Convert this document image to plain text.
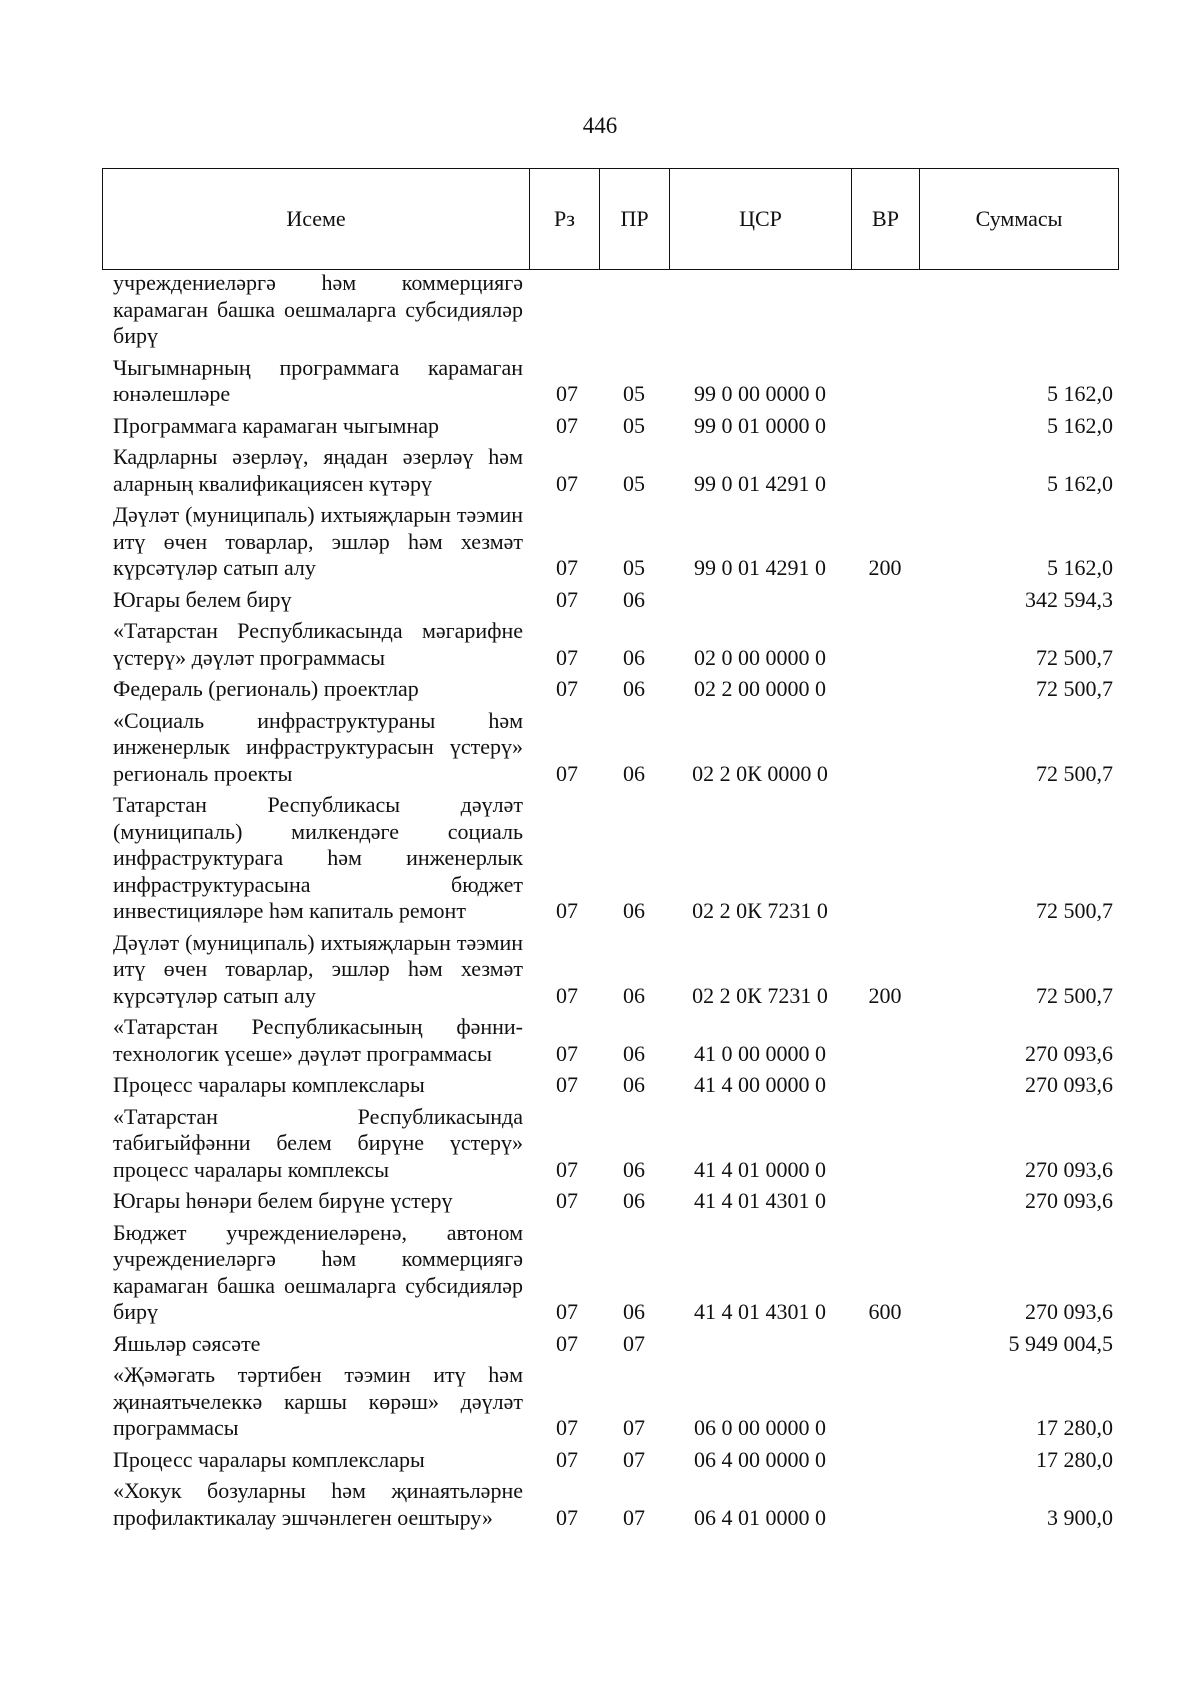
446
Исеме	Рз	ПР	ЦСР	ВР	Суммасы
учреждениелəргə һəм коммерциягə карамаган башка оешмаларга субсидиялəр бирү
Чыгымнарның программага карамаган юнəлешлəре	07	05	99 0 00 0000 0	5 162,0
Программага карамаган чыгымнар	07	05	99 0 01 0000 0	5 162,0
Кадрларны əзерлəү, яңадан əзерлəү һəм аларның квалификациясен күтəрү	07	05	99 0 01 4291 0	5 162,0
Дəүлəт (муниципаль) ихтыяҗларын тəэмин итү өчен товарлар, эшлəр һəм хезмəт күрсəтүлəр сатып алу	07	05	99 0 01 4291 0	200	5 162,0
Югары белем бирү	07	06	342 594,3
«Татарстан Республикасында мəгарифне үстерү» дəүлəт программасы	07	06	02 0 00 0000 0	72 500,7
Федераль (региональ) проектлар	07	06	02 2 00 0000 0	72 500,7
«Социаль инфраструктураны һəм инженерлык инфраструктурасын үстерү» региональ проекты	07	06	02 2 0К 0000 0	72 500,7
Татарстан Республикасы дəүлəт (муниципаль) милкендəге социаль инфраструктурага һəм инженерлык инфраструктурасына бюджет инвестициялəре һəм капиталь ремонт	07	06	02 2 0К 7231 0	72 500,7
Дəүлəт (муниципаль) ихтыяҗларын тəэмин итү өчен товарлар, эшлəр һəм хезмəт күрсəтүлəр сатып алу	07	06	02 2 0К 7231 0	200	72 500,7
«Татарстан Республикасының фəнни-технологик үсеше» дəүлəт программасы	07	06	41 0 00 0000 0	270 093,6
Процесс чаралары комплекслары	07	06	41 4 00 0000 0	270 093,6
«Татарстан Республикасында табигыйфəнни белем бирүне үстерү» процесс чаралары комплексы	07	06	41 4 01 0000 0	270 093,6
Югары һөнəри белем бирүне үстерү	07	06	41 4 01 4301 0	270 093,6
Бюджет учреждениелəренə, автоном учреждениелəргə һəм коммерциягə карамаган башка оешмаларга субсидиялəр бирү	07	06	41 4 01 4301 0	600	270 093,6
Яшьлəр сəясəте	07	07	5 949 004,5
«Җəмəгать тəртибен тəэмин итү һəм җинаятьчелеккə каршы көрəш» дəүлəт программасы	07	07	06 0 00 0000 0	17 280,0
Процесс чаралары комплекслары	07	07	06 4 00 0000 0	17 280,0
«Хокук бозуларны һəм җинаятьлəрне профилактикалау эшчəнлеген оештыру»	07	07	06 4 01 0000 0	3 900,0
